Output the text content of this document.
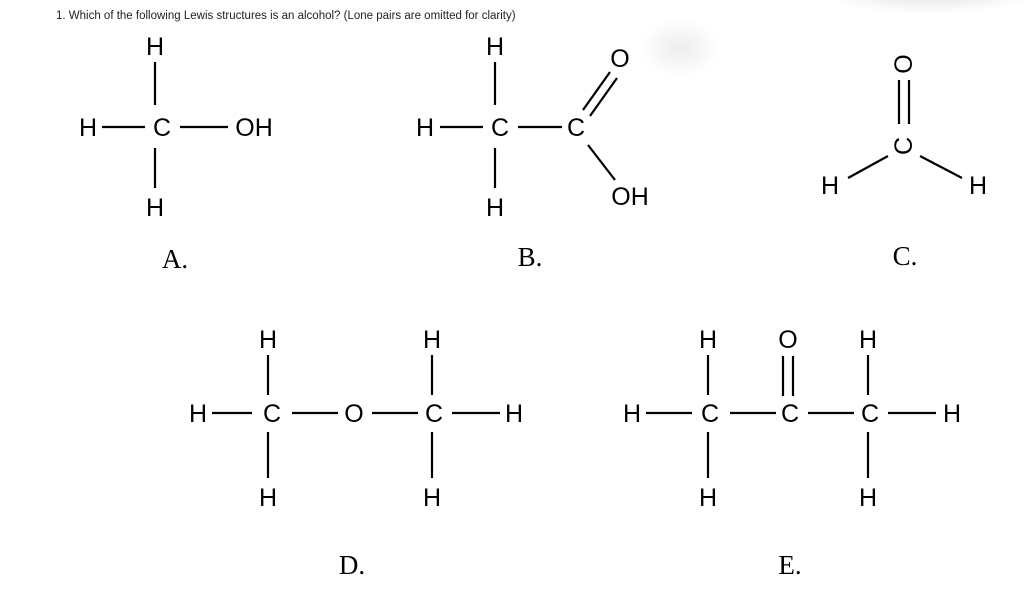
1. Which of the following Lewis structures is an alcohol? (Lone pairs are omitted for clarity)
H
H C	OH
H
A.
H
H C C
O
OH
H
B.
O
C
H	H
C.
H
H
C
H
O
H
C
H
H
D.
H
H
C
H
O
C
H
C
H
H
E.
